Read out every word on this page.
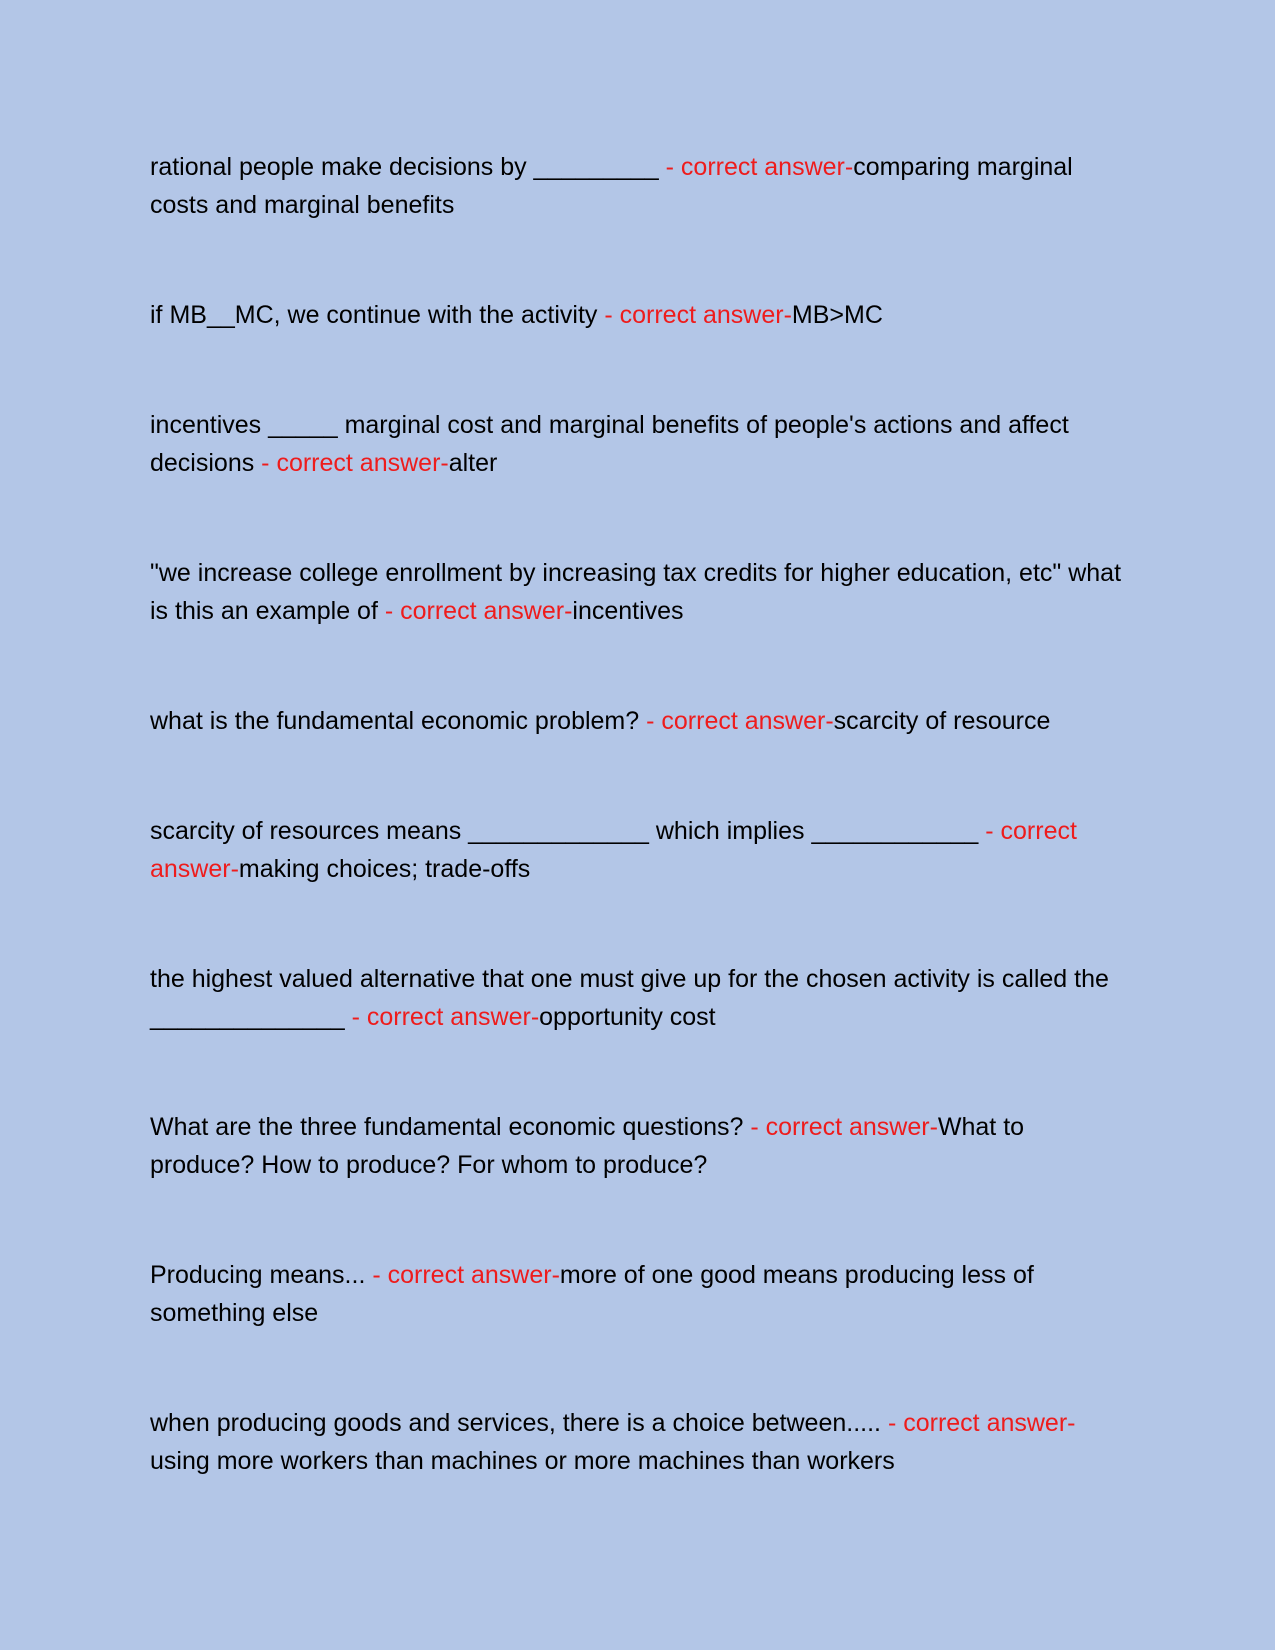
rational people make decisions by _________ - correct answer-comparing marginal costs and marginal benefits
if MB__MC, we continue with the activity - correct answer-MB>MC
incentives _____ marginal cost and marginal benefits of people's actions and affect decisions - correct answer-alter
"we increase college enrollment by increasing tax credits for higher education, etc" what is this an example of - correct answer-incentives
what is the fundamental economic problem? - correct answer-scarcity of resource
scarcity of resources means _____________ which implies ____________ - correct answer-making choices; trade-offs
the highest valued alternative that one must give up for the chosen activity is called the ______________ - correct answer-opportunity cost
What are the three fundamental economic questions? - correct answer-What to produce? How to produce? For whom to produce?
Producing means... - correct answer-more of one good means producing less of something else
when producing goods and services, there is a choice between..... - correct answer-using more workers than machines or more machines than workers
